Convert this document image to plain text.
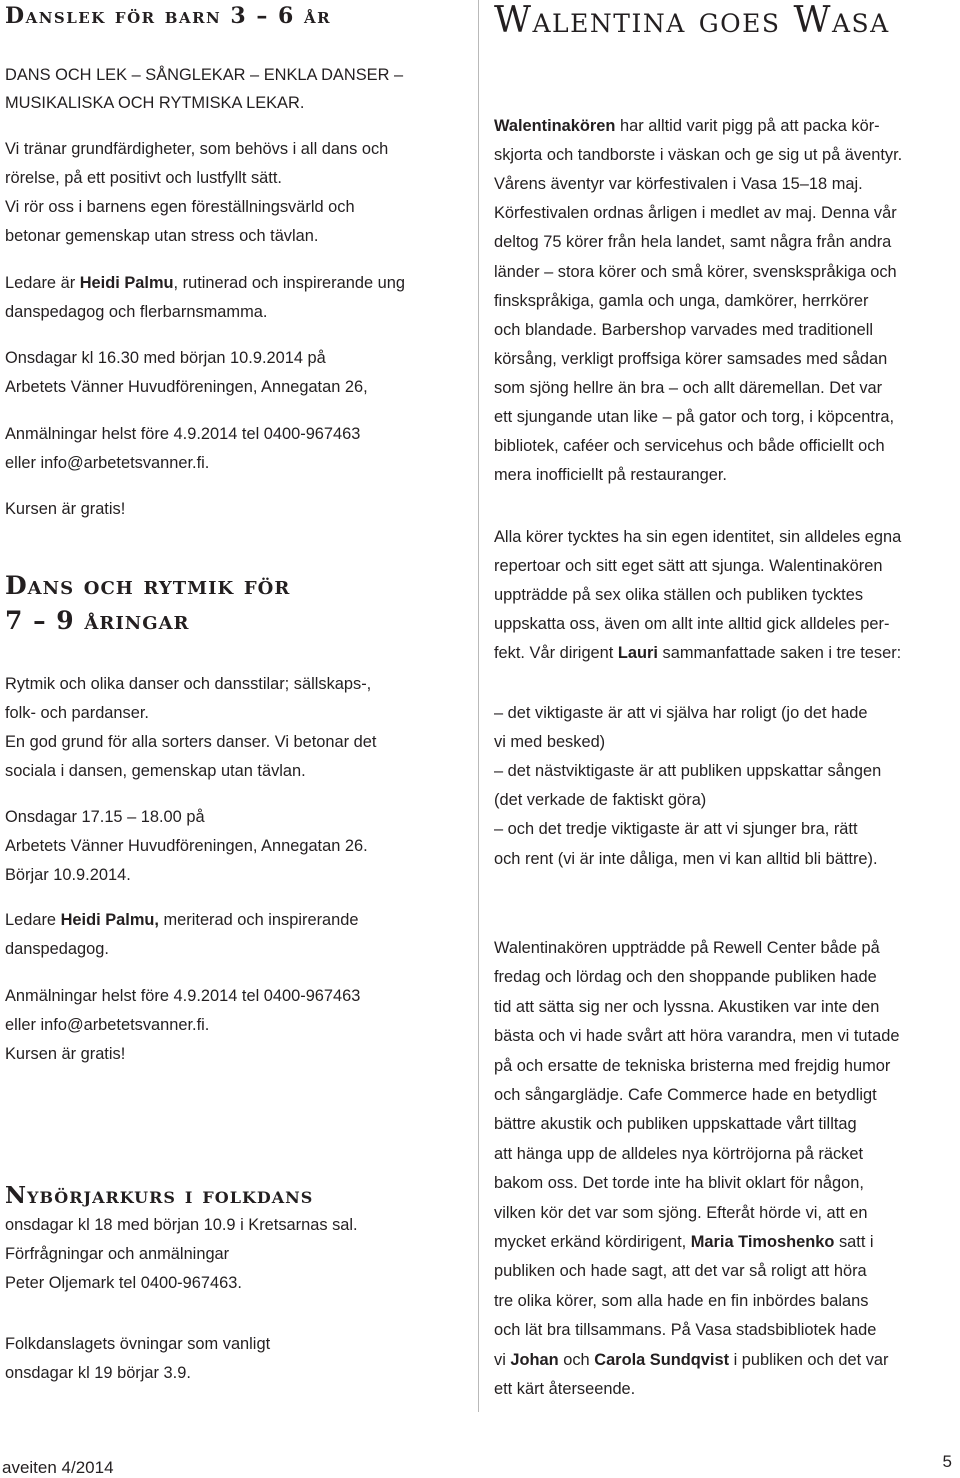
Danslek för barn 3 – 6 år

DANS OCH LEK – SÅNGLEKAR – ENKLA DANSER –

MUSIKALISKA OCH RYTMISKA LEKAR.

Vi tränar grundfärdigheter, som behövs i all dans och

rörelse, på ett positivt och lustfyllt sätt.

Vi rör oss i barnens egen föreställningsvärld och

betonar gemenskap utan stress och tävlan.

Ledare är Heidi Palmu, rutinerad och inspirerande ung

danspedagog och flerbarnsmamma.

Onsdagar kl 16.30 med början 10.9.2014 på

Arbetets Vänner Huvudföreningen, Annegatan 26,

Anmälningar helst före 4.9.2014 tel 0400-967463

eller info@arbetetsvanner.fi.

Kursen är gratis!

Dans och rytmik för
7 – 9 åringar

Rytmik och olika danser och dansstilar; sällskaps-,

folk- och pardanser.

En god grund för alla sorters danser. Vi betonar det

sociala i dansen, gemenskap utan tävlan.

Onsdagar 17.15 – 18.00 på

Arbetets Vänner Huvudföreningen, Annegatan 26.

Börjar 10.9.2014.

Ledare Heidi Palmu, meriterad och inspirerande

danspedagog.

Anmälningar helst före 4.9.2014 tel 0400-967463

eller info@arbetetsvanner.fi.

Kursen är gratis!

Nybörjarkurs i folkdans

onsdagar kl 18 med början 10.9 i Kretsarnas sal.

Förfrågningar och anmälningar

Peter Oljemark tel 0400-967463.

Folkdanslagets övningar som vanligt

onsdagar kl 19 börjar 3.9.

Walentina goes Wasa

Walentinakören har alltid varit pigg på att packa kör-

skjorta och tandborste i väskan och ge sig ut på äventyr.

Vårens äventyr var körfestivalen i Vasa 15–18 maj.

Körfestivalen ordnas årligen i medlet av maj. Denna vår

deltog 75 körer från hela landet, samt några från andra

länder – stora körer och små körer, svenskspråkiga och

finskspråkiga, gamla och unga, damkörer, herrkörer

och blandade. Barbershop varvades med traditionell

körsång, verkligt proffsiga körer samsades med sådan

som sjöng hellre än bra – och allt däremellan. Det var

ett sjungande utan like – på gator och torg, i köpcentra,

bibliotek, caféer och servicehus och både officiellt och

mera inofficiellt på restauranger.

Alla körer tycktes ha sin egen identitet, sin alldeles egna

repertoar och sitt eget sätt att sjunga. Walentinakören

uppträdde på sex olika ställen och publiken tycktes

uppskatta oss, även om allt inte alltid gick alldeles per-

fekt. Vår dirigent Lauri sammanfattade saken i tre teser:

– det viktigaste är att vi själva har roligt (jo det hade

vi med besked)

– det nästviktigaste är att publiken uppskattar sången

(det verkade de faktiskt göra)

– och det tredje viktigaste är att vi sjunger bra, rätt

och rent (vi är inte dåliga, men vi kan alltid bli bättre).

Walentinakören uppträdde på Rewell Center både på

fredag och lördag och den shoppande publiken hade

tid att sätta sig ner och lyssna. Akustiken var inte den

bästa och vi hade svårt att höra varandra, men vi tutade

på och ersatte de tekniska bristerna med frejdig humor

och sångarglädje. Cafe Commerce hade en betydligt

bättre akustik och publiken uppskattade vårt tilltag

att hänga upp de alldeles nya körtröjorna på räcket

bakom oss. Det torde inte ha blivit oklart för någon,

vilken kör det var som sjöng. Efteråt hörde vi, att en

mycket erkänd kördirigent, Maria Timoshenko satt i

publiken och hade sagt, att det var så roligt att höra

tre olika körer, som alla hade en fin inbördes balans

och lät bra tillsammans. På Vasa stadsbibliotek hade

vi Johan och Carola Sundqvist i publiken och det var

ett kärt återseende.

aveiten 4/2014	5
